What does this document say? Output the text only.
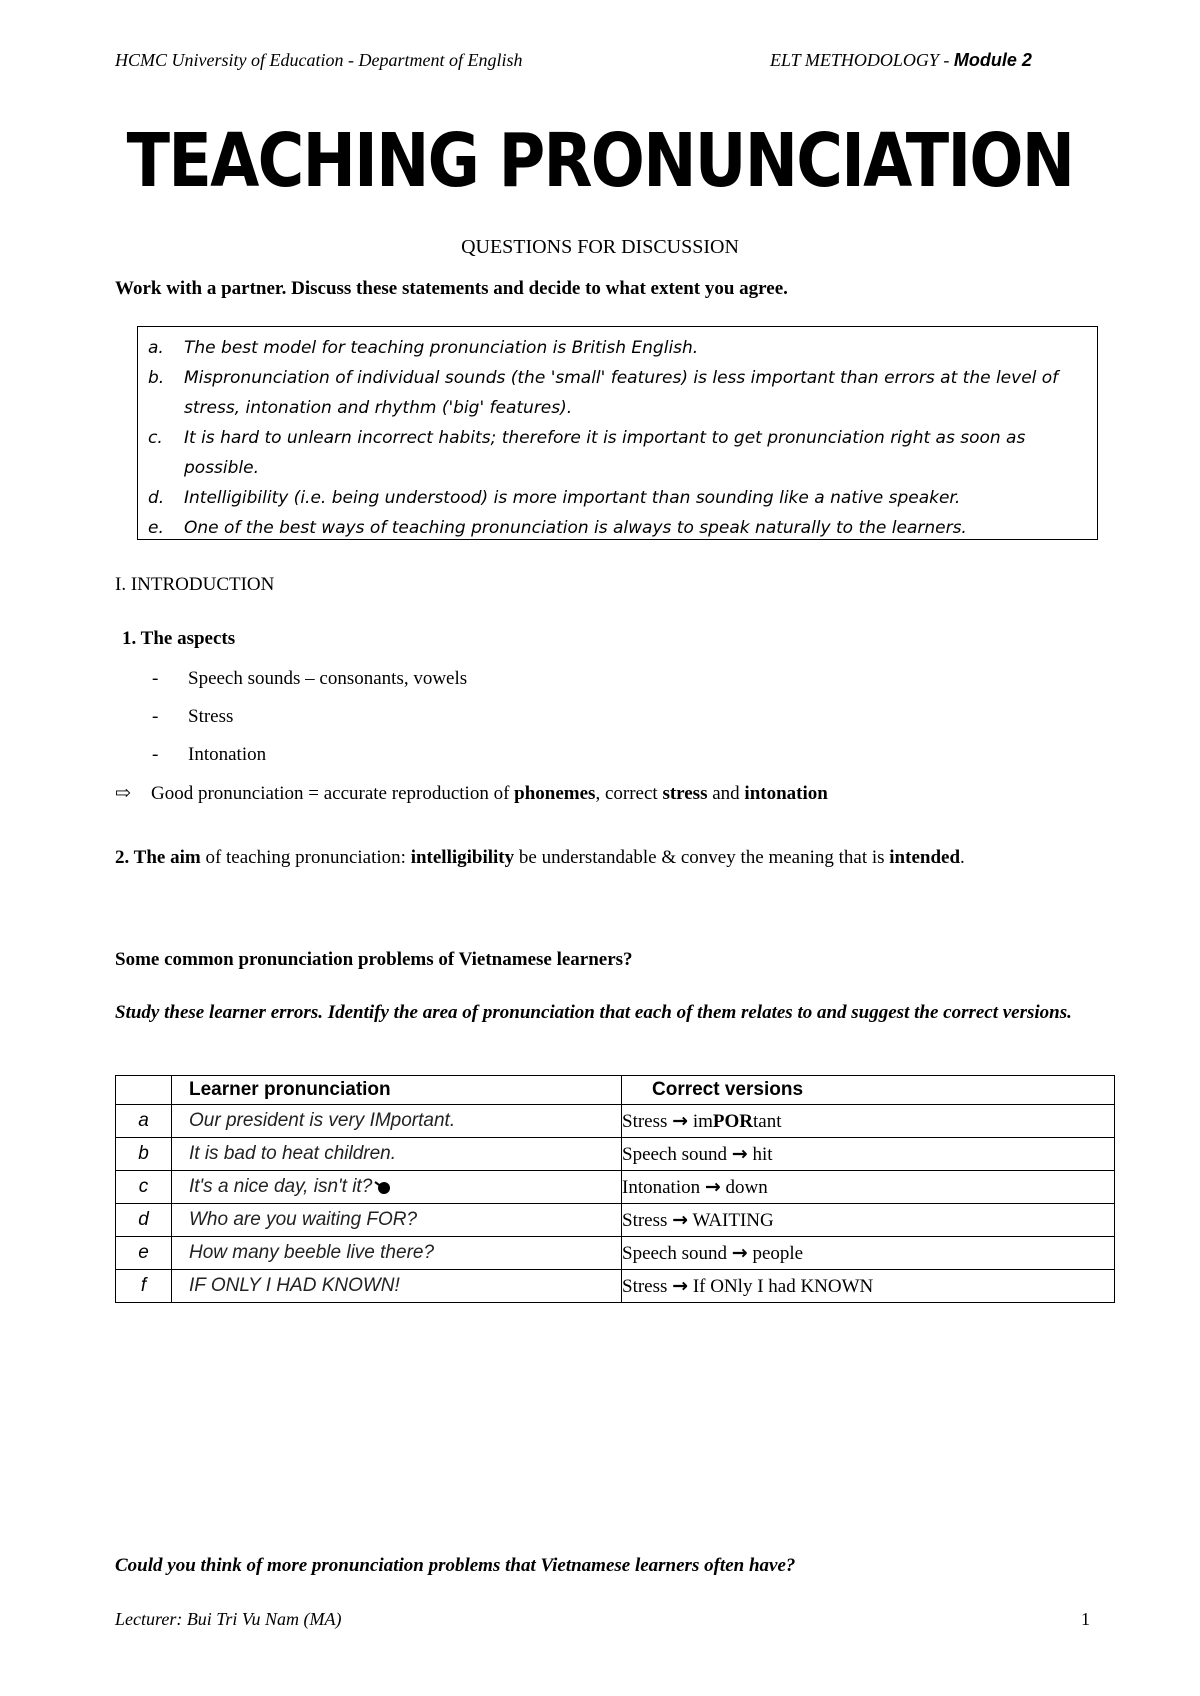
HCMC University of Education - Department of English	ELT METHODOLOGY - Module 2
TEACHING PRONUNCIATION
QUESTIONS FOR DISCUSSION
Work with a partner. Discuss these statements and decide to what extent you agree.
a.	The best model for teaching pronunciation is British English.
b.	Mispronunciation of individual sounds (the 'small' features) is less important than errors at the level of stress, intonation and rhythm ('big' features).
c.	It is hard to unlearn incorrect habits; therefore it is important to get pronunciation right as soon as possible.
d.	Intelligibility (i.e. being understood) is more important than sounding like a native speaker.
e.	One of the best ways of teaching pronunciation is always to speak naturally to the learners.
I. INTRODUCTION
1. The aspects
- Speech sounds – consonants, vowels
- Stress
- Intonation
⇨ Good pronunciation = accurate reproduction of phonemes, correct stress and intonation
2. The aim of teaching pronunciation: intelligibility be understandable & convey the meaning that is intended.
Some common pronunciation problems of Vietnamese learners?
Study these learner errors. Identify the area of pronunciation that each of them relates to and suggest the correct versions.
	Learner pronunciation	Correct versions
a	Our president is very IMportant.	Stress → imPORtant
b	It is bad to heat children.	Speech sound → hit
c	It's a nice day, isn't it?	Intonation → down
d	Who are you waiting FOR?	Stress → WAITING
e	How many beeble live there?	Speech sound → people
f	IF ONLY I HAD KNOWN!	Stress → If ONly I had KNOWN
Could you think of more pronunciation problems that Vietnamese learners often have?
Lecturer: Bui Tri Vu Nam (MA)	1
